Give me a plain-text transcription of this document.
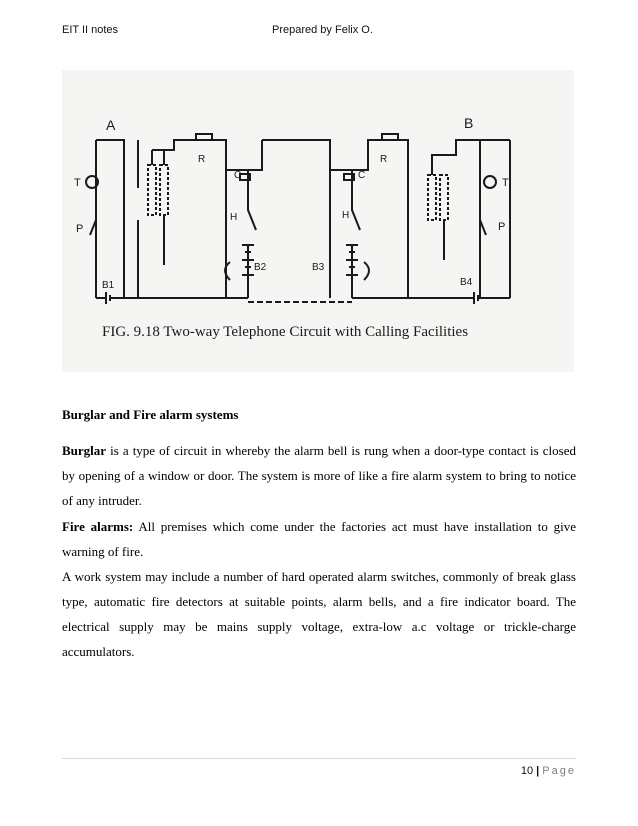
EIT II notes	Prepared by Felix O.
A	B
T	T
P	P
R	R
C	C
H	H
B1
B2	B3
B4
FIG. 9.18 Two-way Telephone Circuit with Calling Facilities
Burglar and Fire alarm systems

Burglar is a type of circuit in whereby the alarm bell is rung when a door-type contact is closed by opening of a window or door. The system is more of like a fire alarm system to bring to notice of any intruder.

Fire alarms: All premises which come under the factories act must have installation to give warning of fire.

A work system may include a number of hard operated alarm switches, commonly of break glass type, automatic fire detectors at suitable points, alarm bells, and a fire indicator board. The electrical supply may be mains supply voltage, extra-low a.c voltage or trickle-charge accumulators.

10 | Page
